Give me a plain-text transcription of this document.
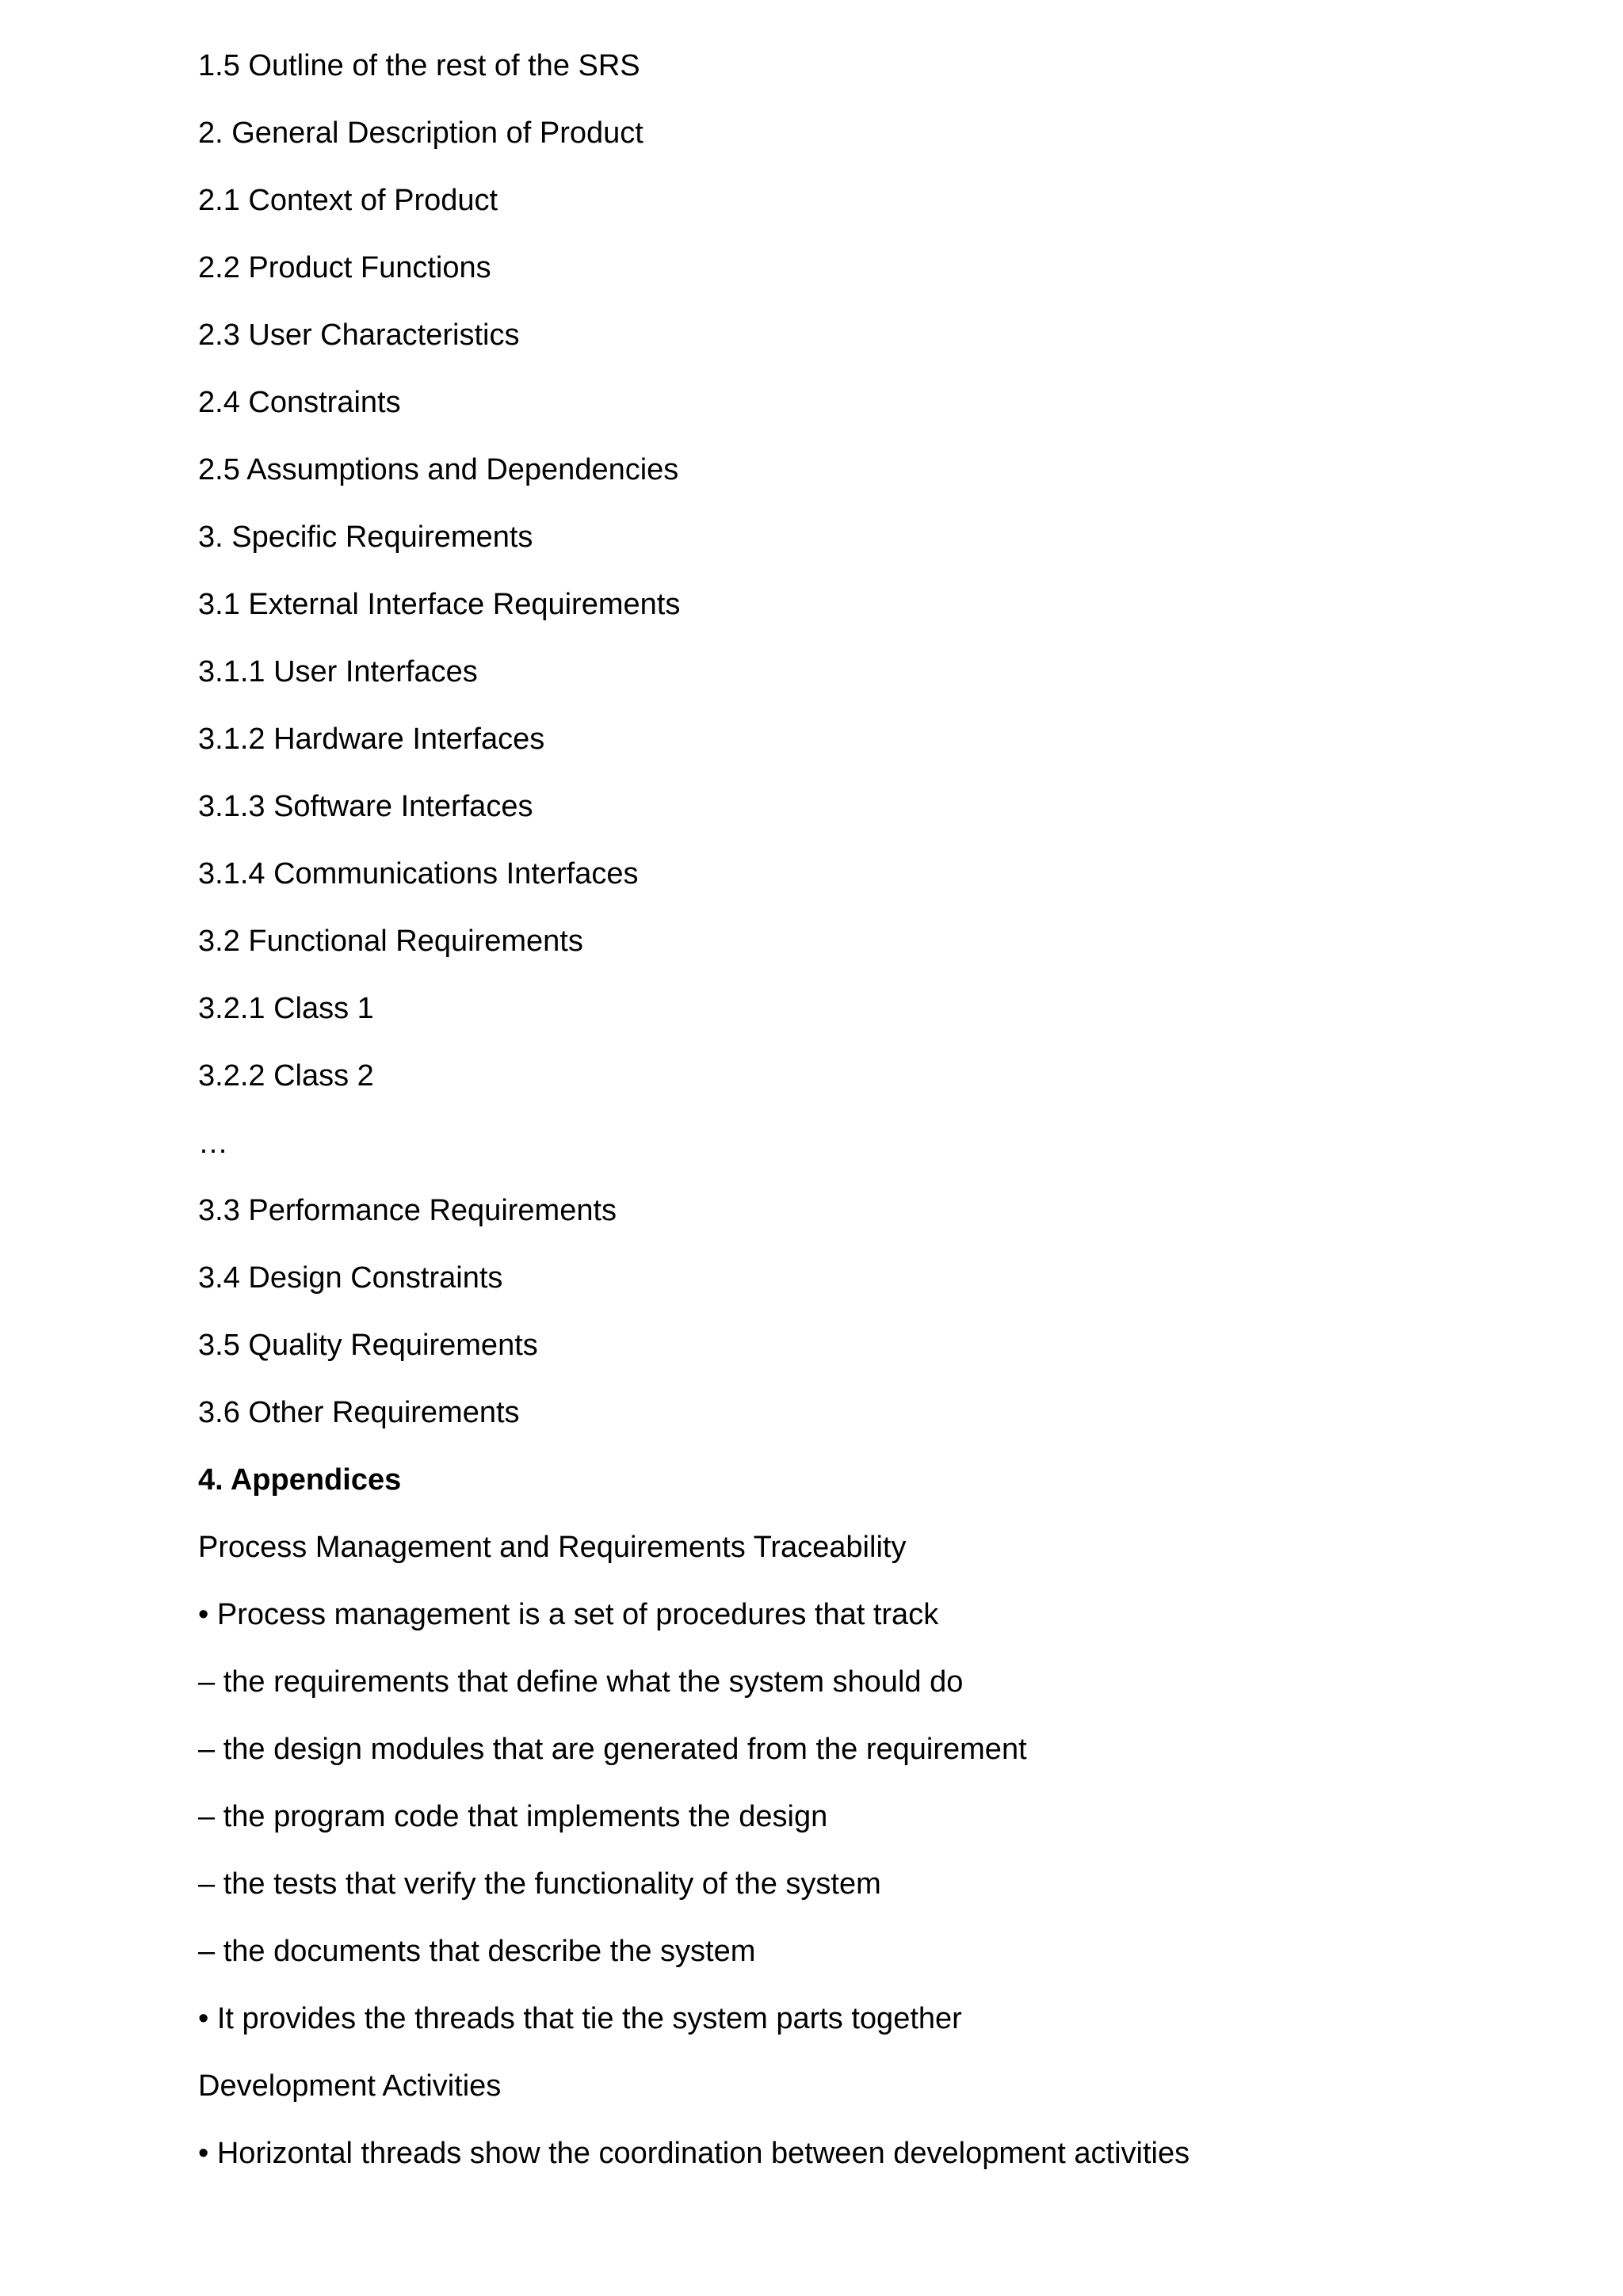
1.5 Outline of the rest of the SRS
2. General Description of Product
2.1 Context of Product
2.2 Product Functions
2.3 User Characteristics
2.4 Constraints
2.5 Assumptions and Dependencies
3. Specific Requirements
3.1 External Interface Requirements
3.1.1 User Interfaces
3.1.2 Hardware Interfaces
3.1.3 Software Interfaces
3.1.4 Communications Interfaces
3.2 Functional Requirements
3.2.1 Class 1
3.2.2 Class 2
…
3.3 Performance Requirements
3.4 Design Constraints
3.5 Quality Requirements
3.6 Other Requirements
4. Appendices
Process Management and Requirements Traceability
• Process management is a set of procedures that track
– the requirements that define what the system should do
– the design modules that are generated from the requirement
– the program code that implements the design
– the tests that verify the functionality of the system
– the documents that describe the system
• It provides the threads that tie the system parts together
Development Activities
• Horizontal threads show the coordination between development activities
